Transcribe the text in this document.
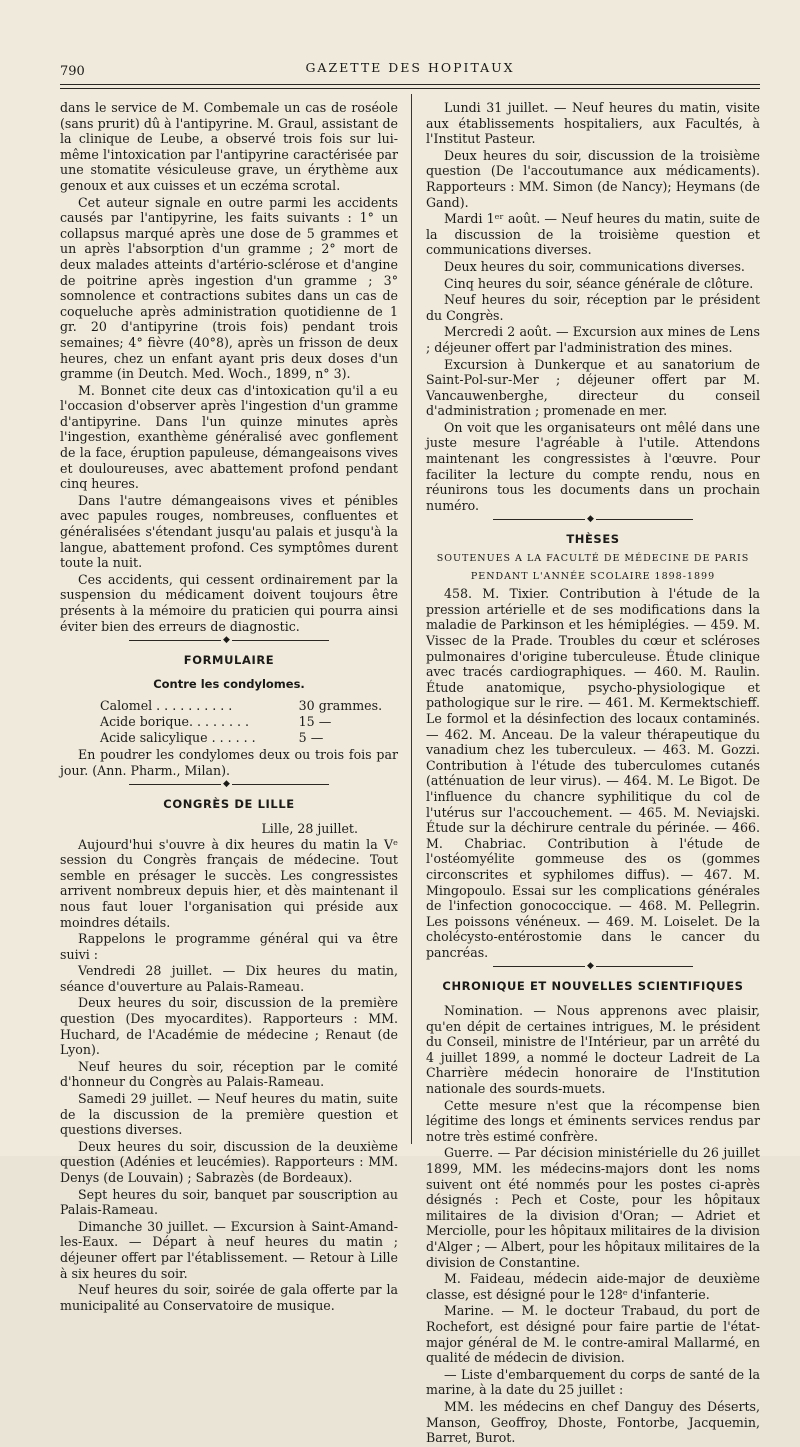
790	GAZETTE DES HOPITAUX

dans le service de M. Combemale un cas de roséole (sans prurit) dû à l'antipyrine. M. Graul, assistant de la clinique de Leube, a observé trois fois sur lui-même l'intoxication par l'antipyrine caractérisée par une stomatite vésiculeuse grave, un érythème aux genoux et aux cuisses et un eczéma scrotal.

Cet auteur signale en outre parmi les accidents causés par l'antipyrine, les faits suivants : 1° un collapsus marqué après une dose de 5 grammes et un après l'absorption d'un gramme ; 2° mort de deux malades atteints d'artério-sclérose et d'angine de poitrine après ingestion d'un gramme ; 3° somnolence et contractions subites dans un cas de coqueluche après administration quotidienne de 1 gr. 20 d'antipyrine (trois fois) pendant trois semaines; 4° fièvre (40°8), après un frisson de deux heures, chez un enfant ayant pris deux doses d'un gramme (in Deutch. Med. Woch., 1899, n° 3).

M. Bonnet cite deux cas d'intoxication qu'il a eu l'occasion d'observer après l'ingestion d'un gramme d'antipyrine. Dans l'un quinze minutes après l'ingestion, exanthème généralisé avec gonflement de la face, éruption papuleuse, démangeaisons vives et douloureuses, avec abattement profond pendant cinq heures.

Dans l'autre démangeaisons vives et pénibles avec papules rouges, nombreuses, confluentes et généralisées s'étendant jusqu'au palais et jusqu'à la langue, abattement profond. Ces symptômes durent toute la nuit.

Ces accidents, qui cessent ordinairement par la suspension du médicament doivent toujours être présents à la mémoire du praticien qui pourra ainsi éviter bien des erreurs de diagnostic.

◆
FORMULAIRE
Contre les condylomes.
Calomel . . . . . . . . . .	30 grammes.
Acide borique. . . . . . . .	15 —
Acide salicylique . . . . . .	5 —

En poudrer les condylomes deux ou trois fois par jour. (Ann. Pharm., Milan).

◆
CONGRÈS DE LILLE
Lille, 28 juillet.

Aujourd'hui s'ouvre à dix heures du matin la Vᵉ session du Congrès français de médecine. Tout semble en présager le succès. Les congressistes arrivent nombreux depuis hier, et dès maintenant il nous faut louer l'organisation qui préside aux moindres détails.

Rappelons le programme général qui va être suivi :

Vendredi 28 juillet. — Dix heures du matin, séance d'ouverture au Palais-Rameau.

Deux heures du soir, discussion de la première question (Des myocardites). Rapporteurs : MM. Huchard, de l'Académie de médecine ; Renaut (de Lyon).

Neuf heures du soir, réception par le comité d'honneur du Congrès au Palais-Rameau.

Samedi 29 juillet. — Neuf heures du matin, suite de la discussion de la première question et questions diverses.

Deux heures du soir, discussion de la deuxième question (Adénies et leucémies). Rapporteurs : MM. Denys (de Louvain) ; Sabrazès (de Bordeaux).

Sept heures du soir, banquet par souscription au Palais-Rameau.

Dimanche 30 juillet. — Excursion à Saint-Amand-les-Eaux. — Départ à neuf heures du matin ; déjeuner offert par l'établissement. — Retour à Lille à six heures du soir.

Neuf heures du soir, soirée de gala offerte par la municipalité au Conservatoire de musique.

Lundi 31 juillet. — Neuf heures du matin, visite aux établissements hospitaliers, aux Facultés, à l'Institut Pasteur.

Deux heures du soir, discussion de la troisième question (De l'accoutumance aux médicaments). Rapporteurs : MM. Simon (de Nancy); Heymans (de Gand).

Mardi 1ᵉʳ août. — Neuf heures du matin, suite de la discussion de la troisième question et communications diverses.

Deux heures du soir, communications diverses.

Cinq heures du soir, séance générale de clôture.

Neuf heures du soir, réception par le président du Congrès.

Mercredi 2 août. — Excursion aux mines de Lens ; déjeuner offert par l'administration des mines.

Excursion à Dunkerque et au sanatorium de Saint-Pol-sur-Mer ; déjeuner offert par M. Vancauwenberghe, directeur du conseil d'administration ; promenade en mer.

On voit que les organisateurs ont mêlé dans une juste mesure l'agréable à l'utile. Attendons maintenant les congressistes à l'œuvre. Pour faciliter la lecture du compte rendu, nous en réunirons tous les documents dans un prochain numéro.

◆
THÈSES
SOUTENUES A LA FACULTÉ DE MÉDECINE DE PARIS
PENDANT L'ANNÉE SCOLAIRE 1898-1899

458. M. Tixier. Contribution à l'étude de la pression artérielle et de ses modifications dans la maladie de Parkinson et les hémiplégies. — 459. M. Vissec de la Prade. Troubles du cœur et scléroses pulmonaires d'origine tuberculeuse. Étude clinique avec tracés cardiographiques. — 460. M. Raulin. Étude anatomique, psycho-physiologique et pathologique sur le rire. — 461. M. Kermektschieff. Le formol et la désinfection des locaux contaminés. — 462. M. Anceau. De la valeur thérapeutique du vanadium chez les tuberculeux. — 463. M. Gozzi. Contribution à l'étude des tuberculomes cutanés (atténuation de leur virus). — 464. M. Le Bigot. De l'influence du chancre syphilitique du col de l'utérus sur l'accouchement. — 465. M. Neviajski. Étude sur la déchirure centrale du périnée. — 466. M. Chabriac. Contribution à l'étude de l'ostéomyélite gommeuse des os (gommes circonscrites et syphilomes diffus). — 467. M. Mingopoulo. Essai sur les complications générales de l'infection gonococcique. — 468. M. Pellegrin. Les poissons vénéneux. — 469. M. Loiselet. De la cholécysto-entérostomie dans le cancer du pancréas.

◆
CHRONIQUE ET NOUVELLES SCIENTIFIQUES

Nomination. — Nous apprenons avec plaisir, qu'en dépit de certaines intrigues, M. le président du Conseil, ministre de l'Intérieur, par un arrêté du 4 juillet 1899, a nommé le docteur Ladreit de La Charrière médecin honoraire de l'Institution nationale des sourds-muets.

Cette mesure n'est que la récompense bien légitime des longs et éminents services rendus par notre très estimé confrère.

Guerre. — Par décision ministérielle du 26 juillet 1899, MM. les médecins-majors dont les noms suivent ont été nommés pour les postes ci-après désignés : Pech et Coste, pour les hôpitaux militaires de la division d'Oran; — Adriet et Merciolle, pour les hôpitaux militaires de la division d'Alger ; — Albert, pour les hôpitaux militaires de la division de Constantine.

M. Faideau, médecin aide-major de deuxième classe, est désigné pour le 128ᵉ d'infanterie.

Marine. — M. le docteur Trabaud, du port de Rochefort, est désigné pour faire partie de l'état-major général de M. le contre-amiral Mallarmé, en qualité de médecin de division.

— Liste d'embarquement du corps de santé de la marine, à la date du 25 juillet :

MM. les médecins en chef Danguy des Déserts, Manson, Geoffroy, Dhoste, Fontorbe, Jacquemin, Barret, Burot.
